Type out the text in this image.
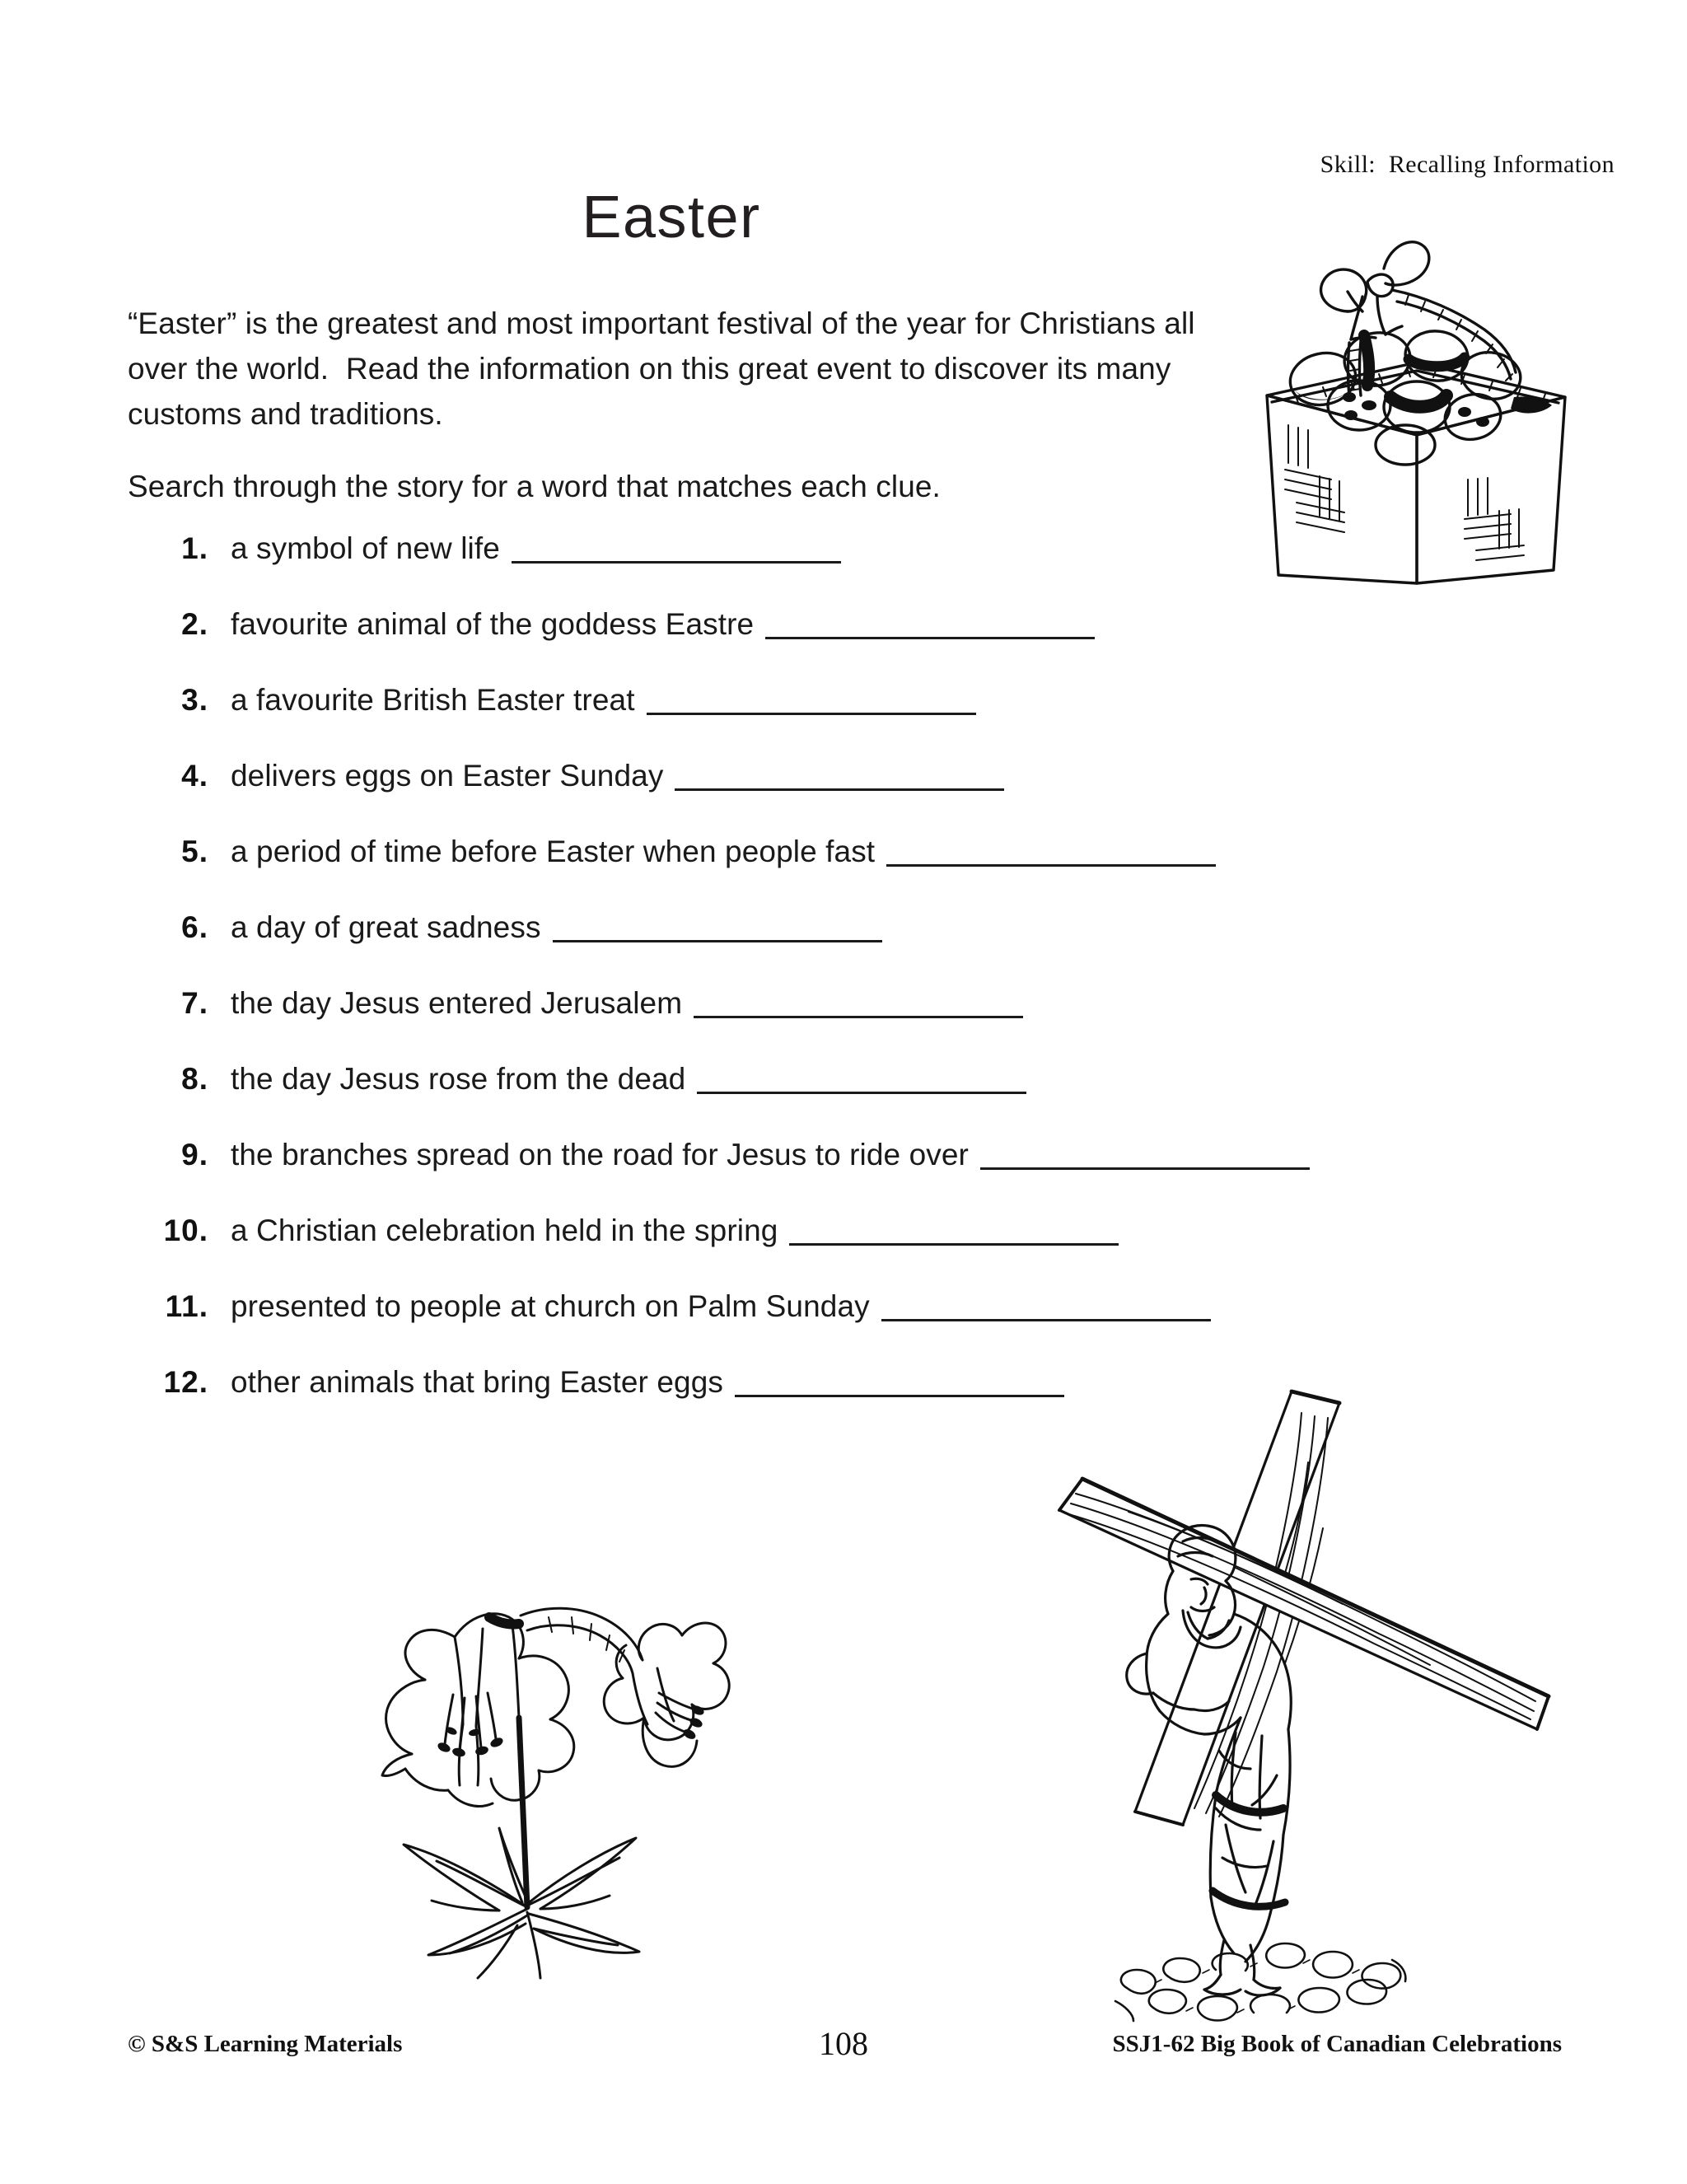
Skill:  Recalling Information
Easter
“Easter” is the greatest and most important festival of the year for Christians all over the world.  Read the information on this great event to discover its many customs and traditions.
Search through the story for a word that matches each clue.
1. a symbol of new life
2. favourite animal of the goddess Eastre
3. a favourite British Easter treat
4. delivers eggs on Easter Sunday
5. a period of time before Easter when people fast
6. a day of great sadness
7. the day Jesus entered Jerusalem
8. the day Jesus rose from the dead
9. the branches spread on the road for Jesus to ride over
10. a Christian celebration held in the spring
11. presented to people at church on Palm Sunday
12. other animals that bring Easter eggs
© S&S Learning Materials	108	SSJ1-62 Big Book of Canadian Celebrations
